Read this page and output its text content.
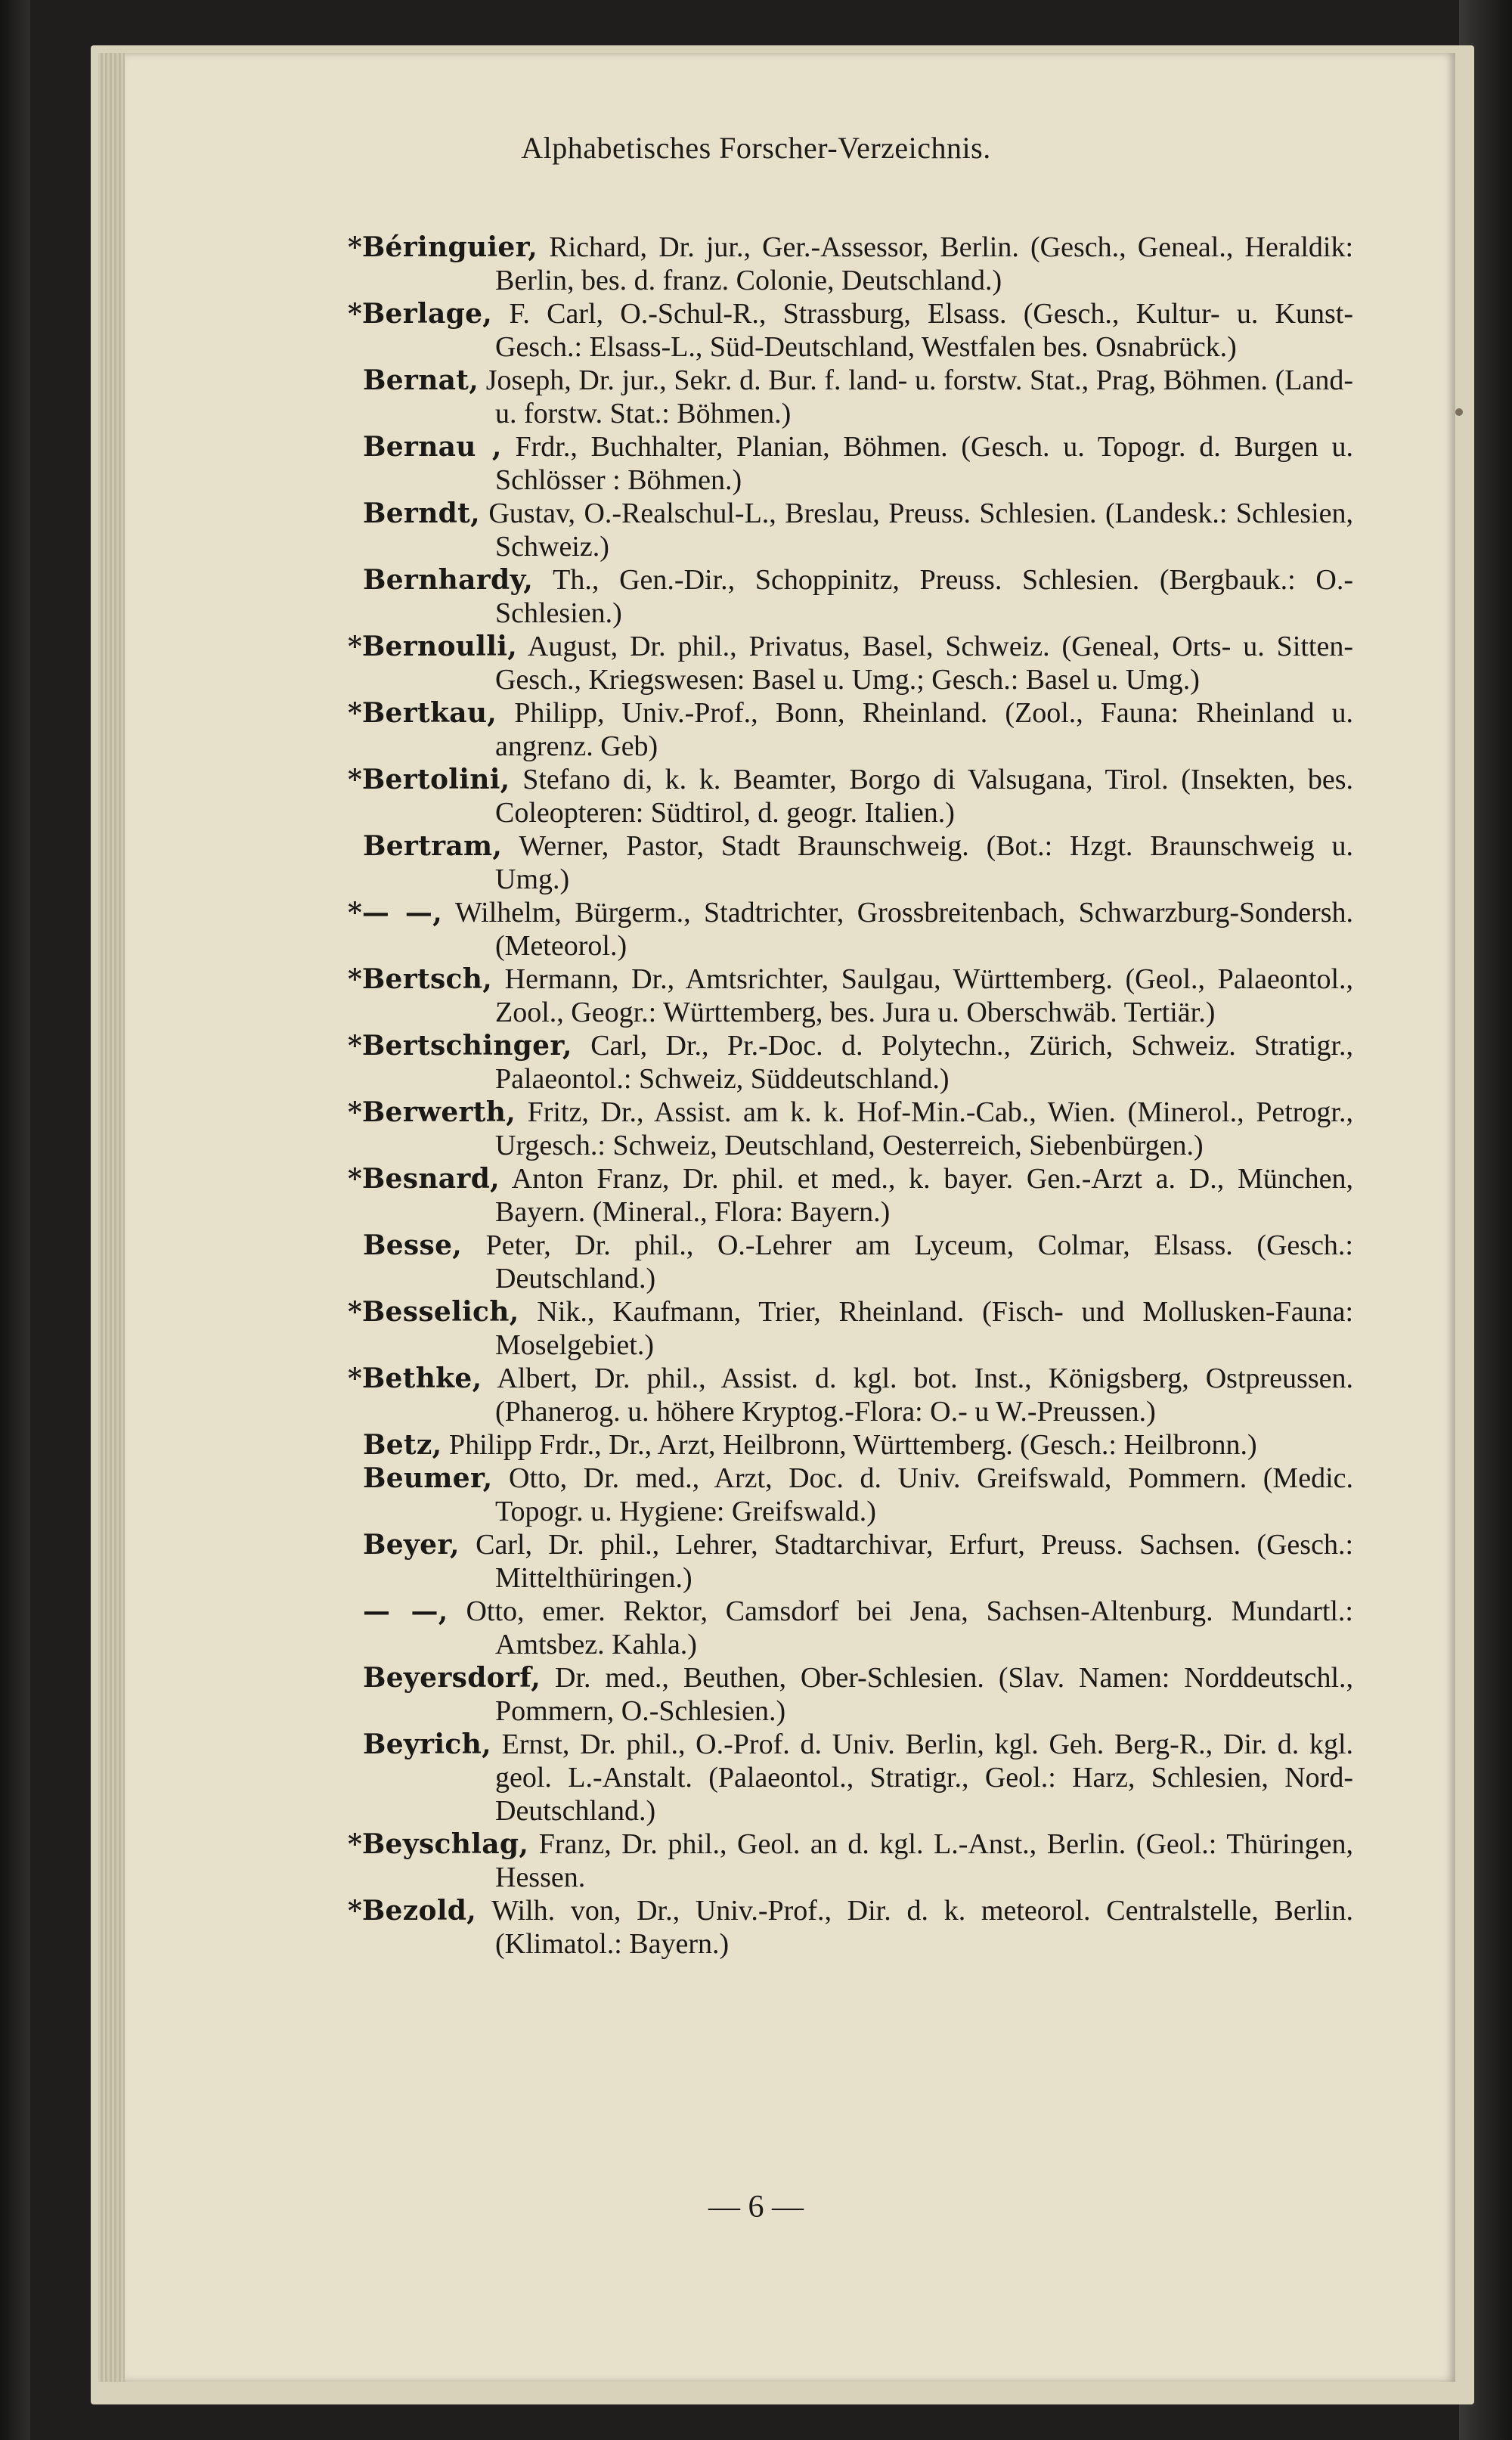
Alphabetisches Forscher-Verzeichnis.
*Béringuier, Richard, Dr. jur., Ger.-Assessor, Berlin. (Gesch., Geneal., Heraldik: Berlin, bes. d. franz. Colonie, Deutschland.)
*Berlage, F. Carl, O.-Schul-R., Strassburg, Elsass. (Gesch., Kultur- u. Kunst-Gesch.: Elsass-L., Süd-Deutschland, Westfalen bes. Osnabrück.)
Bernat, Joseph, Dr. jur., Sekr. d. Bur. f. land- u. forstw. Stat., Prag, Böhmen. (Land- u. forstw. Stat.: Böhmen.)
Bernau , Frdr., Buchhalter, Planian, Böhmen. (Gesch. u. Topogr. d. Burgen u. Schlösser : Böhmen.)
Berndt, Gustav, O.-Realschul-L., Breslau, Preuss. Schlesien. (Landesk.: Schlesien, Schweiz.)
Bernhardy, Th., Gen.-Dir., Schoppinitz, Preuss. Schlesien. (Bergbauk.: O.-Schlesien.)
*Bernoulli, August, Dr. phil., Privatus, Basel, Schweiz. (Geneal, Orts- u. Sitten-Gesch., Kriegswesen: Basel u. Umg.; Gesch.: Basel u. Umg.)
*Bertkau, Philipp, Univ.-Prof., Bonn, Rheinland. (Zool., Fauna: Rheinland u. angrenz. Geb)
*Bertolini, Stefano di, k. k. Beamter, Borgo di Valsugana, Tirol. (Insekten, bes. Coleopteren: Südtirol, d. geogr. Italien.)
Bertram, Werner, Pastor, Stadt Braunschweig. (Bot.: Hzgt. Braunschweig u. Umg.)
*— —, Wilhelm, Bürgerm., Stadtrichter, Grossbreitenbach, Schwarzburg-Sondersh. (Meteorol.)
*Bertsch, Hermann, Dr., Amtsrichter, Saulgau, Württemberg. (Geol., Palaeontol., Zool., Geogr.: Württemberg, bes. Jura u. Oberschwäb. Tertiär.)
*Bertschinger, Carl, Dr., Pr.-Doc. d. Polytechn., Zürich, Schweiz. Stratigr., Palaeontol.: Schweiz, Süddeutschland.)
*Berwerth, Fritz, Dr., Assist. am k. k. Hof-Min.-Cab., Wien. (Minerol., Petrogr., Urgesch.: Schweiz, Deutschland, Oesterreich, Siebenbürgen.)
*Besnard, Anton Franz, Dr. phil. et med., k. bayer. Gen.-Arzt a. D., München, Bayern. (Mineral., Flora: Bayern.)
Besse, Peter, Dr. phil., O.-Lehrer am Lyceum, Colmar, Elsass. (Gesch.: Deutschland.)
*Besselich, Nik., Kaufmann, Trier, Rheinland. (Fisch- und Mollusken-Fauna: Moselgebiet.)
*Bethke, Albert, Dr. phil., Assist. d. kgl. bot. Inst., Königsberg, Ostpreussen. (Phanerog. u. höhere Kryptog.-Flora: O.- u W.-Preussen.)
Betz, Philipp Frdr., Dr., Arzt, Heilbronn, Württemberg. (Gesch.: Heilbronn.)
Beumer, Otto, Dr. med., Arzt, Doc. d. Univ. Greifswald, Pommern. (Medic. Topogr. u. Hygiene: Greifswald.)
Beyer, Carl, Dr. phil., Lehrer, Stadtarchivar, Erfurt, Preuss. Sachsen. (Gesch.: Mittelthüringen.)
— —, Otto, emer. Rektor, Camsdorf bei Jena, Sachsen-Altenburg. Mundartl.: Amtsbez. Kahla.)
Beyersdorf, Dr. med., Beuthen, Ober-Schlesien. (Slav. Namen: Norddeutschl., Pommern, O.-Schlesien.)
Beyrich, Ernst, Dr. phil., O.-Prof. d. Univ. Berlin, kgl. Geh. Berg-R., Dir. d. kgl. geol. L.-Anstalt. (Palaeontol., Stratigr., Geol.: Harz, Schlesien, Nord-Deutschland.)
*Beyschlag, Franz, Dr. phil., Geol. an d. kgl. L.-Anst., Berlin. (Geol.: Thüringen, Hessen.
*Bezold, Wilh. von, Dr., Univ.-Prof., Dir. d. k. meteorol. Centralstelle, Berlin. (Klimatol.: Bayern.)
— 6 —
